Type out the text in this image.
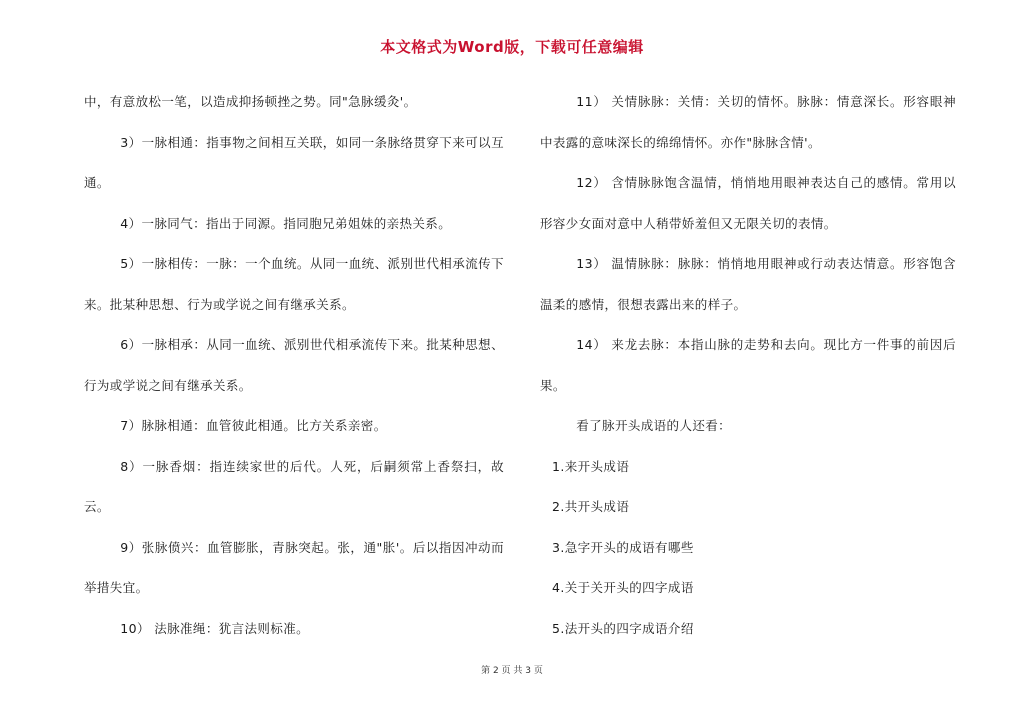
本文格式为Word版，下载可任意编辑

中，有意放松一笔，以造成抑扬顿挫之势。同"急脉缓灸'。

3）一脉相通：指事物之间相互关联，如同一条脉络贯穿下来可以互通。

4）一脉同气：指出于同源。指同胞兄弟姐妹的亲热关系。

5）一脉相传：一脉：一个血统。从同一血统、派别世代相承流传下来。批某种思想、行为或学说之间有继承关系。

6）一脉相承：从同一血统、派别世代相承流传下来。批某种思想、行为或学说之间有继承关系。

7）脉脉相通：血管彼此相通。比方关系亲密。

8）一脉香烟：指连续家世的后代。人死，后嗣须常上香祭扫，故云。

9）张脉偾兴：血管膨胀，青脉突起。张，通"胀'。后以指因冲动而举措失宜。

10） 法脉准绳：犹言法则标准。

11） 关情脉脉：关情：关切的情怀。脉脉：情意深长。形容眼神中表露的意味深长的绵绵情怀。亦作"脉脉含情'。

12） 含情脉脉饱含温情，悄悄地用眼神表达自己的感情。常用以形容少女面对意中人稍带娇羞但又无限关切的表情。

13） 温情脉脉：脉脉：悄悄地用眼神或行动表达情意。形容饱含温柔的感情，很想表露出来的样子。

14） 来龙去脉：本指山脉的走势和去向。现比方一件事的前因后果。

看了脉开头成语的人还看：

1.来开头成语

2.共开头成语

3.急字开头的成语有哪些

4.关于关开头的四字成语

5.法开头的四字成语介绍

第 2 页 共 3 页
